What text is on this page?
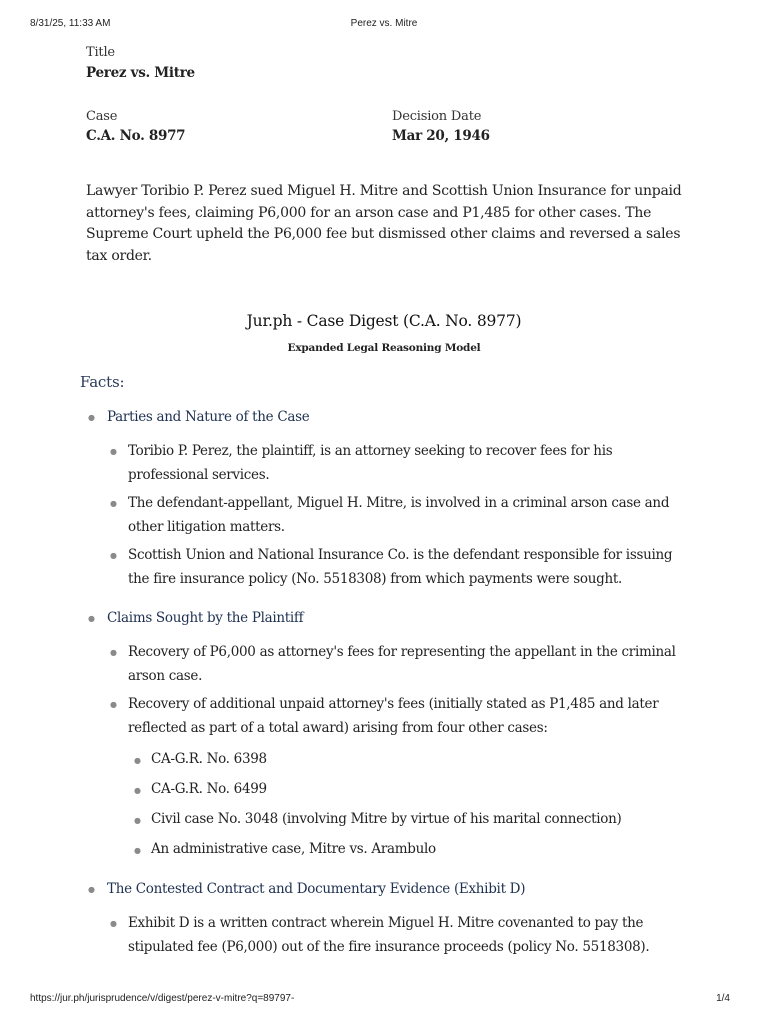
8/31/25, 11:33 AM	Perez vs. Mitre
Title
Perez vs. Mitre
Case
C.A. No. 8977
Decision Date
Mar 20, 1946

Lawyer Toribio P. Perez sued Miguel H. Mitre and Scottish Union Insurance for unpaid attorney's fees, claiming P6,000 for an arson case and P1,485 for other cases. The Supreme Court upheld the P6,000 fee but dismissed other claims and reversed a sales tax order.

Jur.ph - Case Digest (C.A. No. 8977)
Expanded Legal Reasoning Model
Facts:
● Parties and Nature of the Case
● Toribio P. Perez, the plaintiff, is an attorney seeking to recover fees for his professional services.
● The defendant-appellant, Miguel H. Mitre, is involved in a criminal arson case and other litigation matters.
● Scottish Union and National Insurance Co. is the defendant responsible for issuing the fire insurance policy (No. 5518308) from which payments were sought.
● Claims Sought by the Plaintiff
● Recovery of P6,000 as attorney's fees for representing the appellant in the criminal arson case.
● Recovery of additional unpaid attorney's fees (initially stated as P1,485 and later reflected as part of a total award) arising from four other cases:
● CA-G.R. No. 6398
● CA-G.R. No. 6499
● Civil case No. 3048 (involving Mitre by virtue of his marital connection)
● An administrative case, Mitre vs. Arambulo
● The Contested Contract and Documentary Evidence (Exhibit D)
● Exhibit D is a written contract wherein Miguel H. Mitre covenanted to pay the stipulated fee (P6,000) out of the fire insurance proceeds (policy No. 5518308).
https://jur.ph/jurisprudence/v/digest/perez-v-mitre?q=89797-	1/4
